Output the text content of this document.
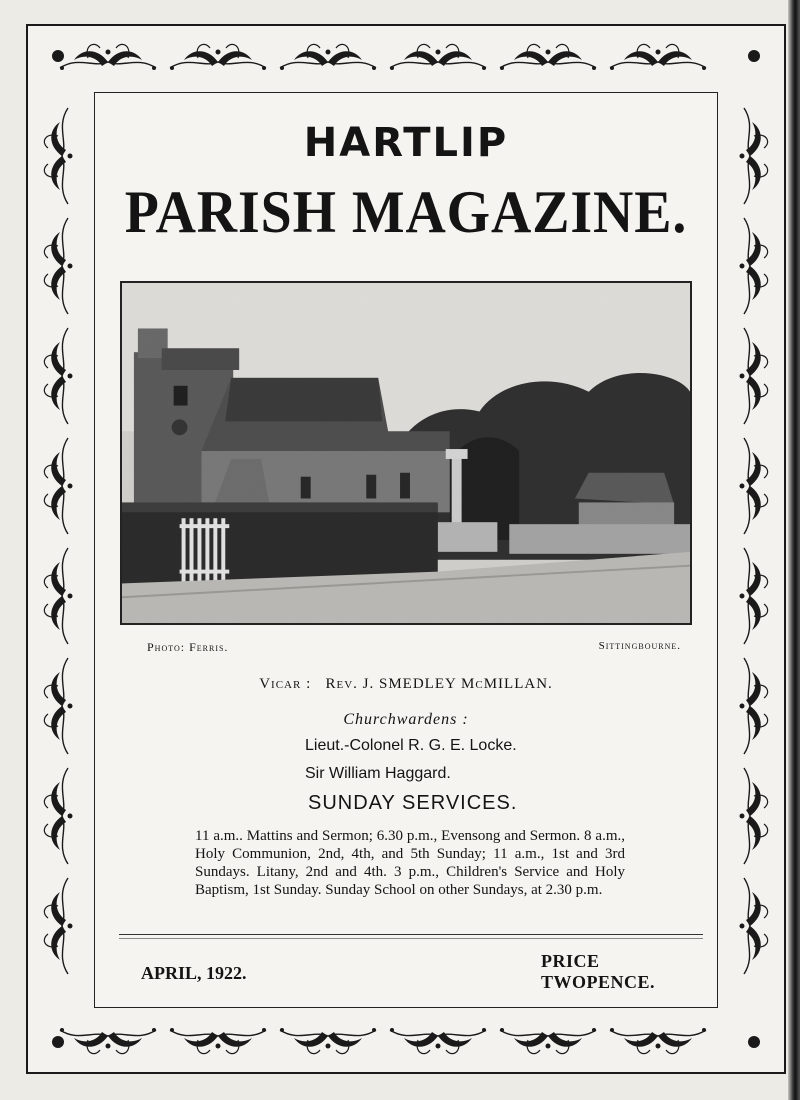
HARTLIP
PARISH MAGAZINE.
Photo: Ferris.	Sittingbourne.
Vicar :   Rev. J. SMEDLEY McMILLAN.
Churchwardens :
Lieut.-Colonel R. G. E. Locke.
Sir William Haggard.
SUNDAY SERVICES.
11 a.m.. Mattins and Sermon; 6.30 p.m., Evensong and Sermon. 8 a.m., Holy Communion, 2nd, 4th, and 5th Sunday; 11 a.m., 1st and 3rd Sundays. Litany, 2nd and 4th. 3 p.m., Children's Service and Holy Baptism, 1st Sunday. Sunday School on other Sundays, at 2.30 p.m.
APRIL, 1922.
PRICE TWOPENCE.
